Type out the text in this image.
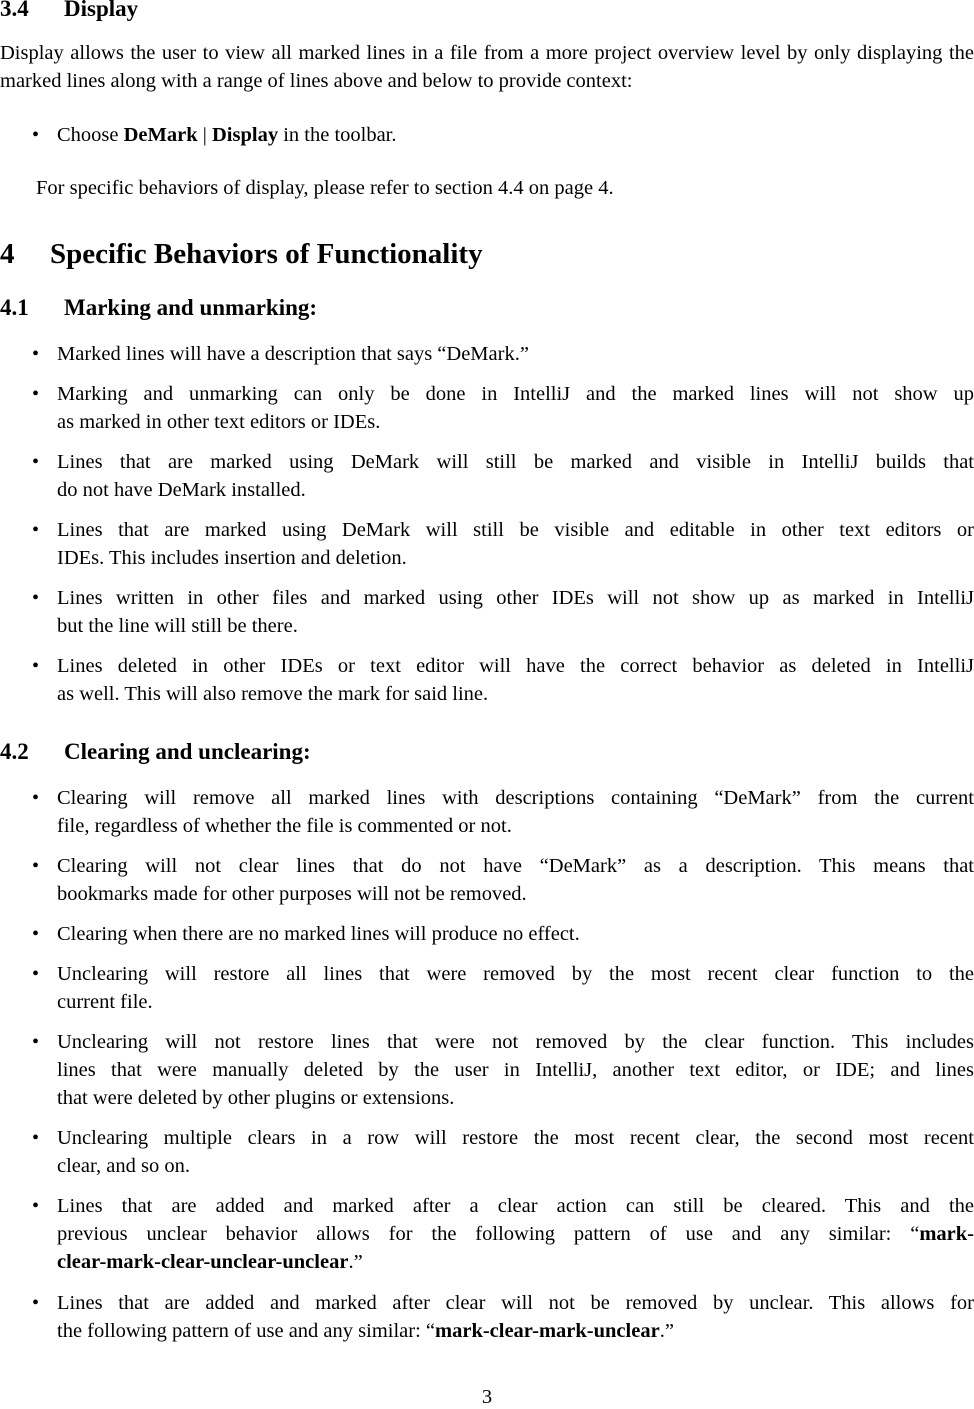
3.4 Display
Display allows the user to view all marked lines in a file from a more project overview level by only displaying the marked lines along with a range of lines above and below to provide context:
• Choose DeMark | Display in the toolbar.
For specific behaviors of display, please refer to section 4.4 on page 4.
4 Specific Behaviors of Functionality
4.1 Marking and unmarking:
• Marked lines will have a description that says “DeMark.”
• Marking and unmarking can only be done in IntelliJ and the marked lines will not show up
as marked in other text editors or IDEs.
• Lines that are marked using DeMark will still be marked and visible in IntelliJ builds that
do not have DeMark installed.
• Lines that are marked using DeMark will still be visible and editable in other text editors or
IDEs. This includes insertion and deletion.
• Lines written in other files and marked using other IDEs will not show up as marked in IntelliJ
but the line will still be there.
• Lines deleted in other IDEs or text editor will have the correct behavior as deleted in IntelliJ
as well. This will also remove the mark for said line.
4.2 Clearing and unclearing:
• Clearing will remove all marked lines with descriptions containing “DeMark” from the current
file, regardless of whether the file is commented or not.
• Clearing will not clear lines that do not have “DeMark” as a description. This means that
bookmarks made for other purposes will not be removed.
• Clearing when there are no marked lines will produce no effect.
• Unclearing will restore all lines that were removed by the most recent clear function to the
current file.
• Unclearing will not restore lines that were not removed by the clear function. This includes
lines that were manually deleted by the user in IntelliJ, another text editor, or IDE; and lines
that were deleted by other plugins or extensions.
• Unclearing multiple clears in a row will restore the most recent clear, the second most recent
clear, and so on.
• Lines that are added and marked after a clear action can still be cleared. This and the
previous unclear behavior allows for the following pattern of use and any similar: “mark-
clear-mark-clear-unclear-unclear.”
• Lines that are added and marked after clear will not be removed by unclear. This allows for
the following pattern of use and any similar: “mark-clear-mark-unclear.”
3
